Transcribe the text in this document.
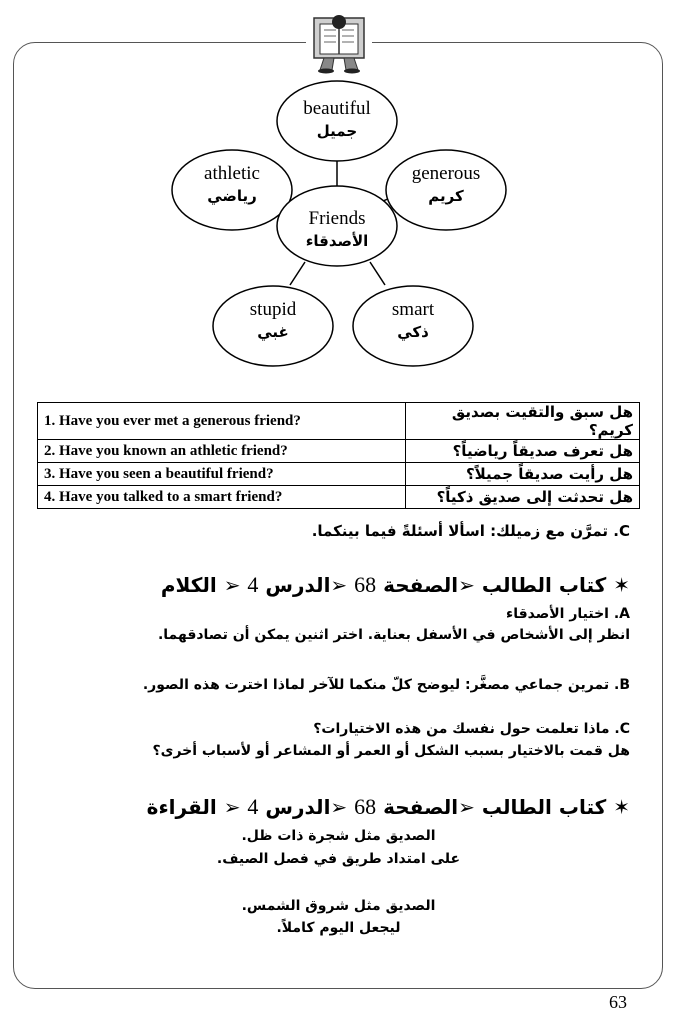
beautiful
جميل
athletic
رياضي
generous
كريم
Friends
الأصدقاء
stupid
غبي
smart
ذكي
1. Have you ever met a generous friend?	هل سبق والتقيت بصديق كريم؟
2. Have you known an athletic friend?	هل تعرف صديقاً رياضياً؟
3. Have you seen a beautiful friend?	هل رأيت صديقاً جميلاً؟
4. Have you talked to a smart friend?	هل تحدثت إلى صديق ذكياً؟
C. تمرَّن مع زميلك: اسألا أسئلةً فيما بينكما.
✶ كتاب الطالب ➢الصفحة 68 ➢الدرس 4 ➢ الكلام
A. اختيار الأصدقاء
انظر إلى الأشخاص في الأسفل بعناية. اختر اثنين يمكن أن تصادقهما.
B. تمرين جماعي مصغَّر: ليوضح كلّ منكما للآخر لماذا اخترت هذه الصور.
C. ماذا تعلمت حول نفسك من هذه الاختيارات؟
هل قمت بالاختيار بسبب الشكل أو العمر أو المشاعر أو لأسباب أخرى؟
✶ كتاب الطالب ➢الصفحة 68 ➢الدرس 4 ➢ القراءة
الصديق مثل شجرة ذات ظل.
على امتداد طريق في فصل الصيف.
الصديق مثل شروق الشمس.
ليجعل اليوم كاملاً.
63
